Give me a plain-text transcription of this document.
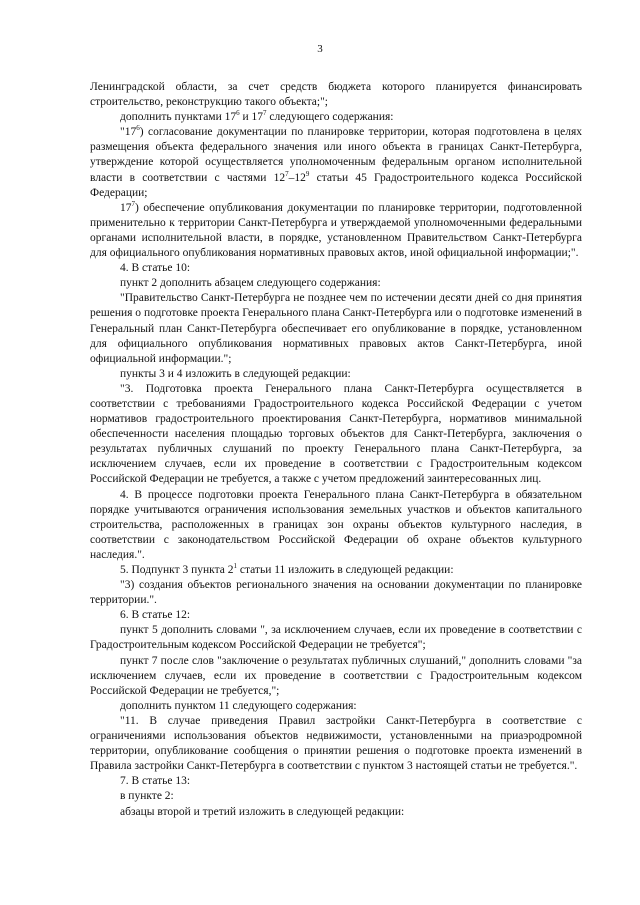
3

Ленинградской области, за счет средств бюджета которого планируется финансировать строительство, реконструкцию такого объекта;";

дополнить пунктами $17^6$ и $17^7$ следующего содержания:

"$17^6$) согласование документации по планировке территории, которая подготовлена в целях размещения объекта федерального значения или иного объекта в границах Санкт-Петербурга, утверждение которой осуществляется уполномоченным федеральным органом исполнительной власти в соответствии с частями $12^7-12^9$ статьи 45 Градостроительного кодекса Российской Федерации;

$17^7$) обеспечение опубликования документации по планировке территории, подготовленной применительно к территории Санкт-Петербурга и утверждаемой уполномоченными федеральными органами исполнительной власти, в порядке, установленном Правительством Санкт-Петербурга для официального опубликования нормативных правовых актов, иной официальной информации;".

4. В статье 10:

пункт 2 дополнить абзацем следующего содержания:

"Правительство Санкт-Петербурга не позднее чем по истечении десяти дней со дня принятия решения о подготовке проекта Генерального плана Санкт-Петербурга или о подготовке изменений в Генеральный план Санкт-Петербурга обеспечивает его опубликование в порядке, установленном для официального опубликования нормативных правовых актов Санкт-Петербурга, иной официальной информации.";

пункты 3 и 4 изложить в следующей редакции:

"3. Подготовка проекта Генерального плана Санкт-Петербурга осуществляется в соответствии с требованиями Градостроительного кодекса Российской Федерации с учетом нормативов градостроительного проектирования Санкт-Петербурга, нормативов минимальной обеспеченности населения площадью торговых объектов для Санкт-Петербурга, заключения о результатах публичных слушаний по проекту Генерального плана Санкт-Петербурга, за исключением случаев, если их проведение в соответствии с Градостроительным кодексом Российской Федерации не требуется, а также с учетом предложений заинтересованных лиц.

4. В процессе подготовки проекта Генерального плана Санкт-Петербурга в обязательном порядке учитываются ограничения использования земельных участков и объектов капитального строительства, расположенных в границах зон охраны объектов культурного наследия, в соответствии с законодательством Российской Федерации об охране объектов культурного наследия.".

5. Подпункт 3 пункта $2^1$ статьи 11 изложить в следующей редакции:

"3) создания объектов регионального значения на основании документации по планировке территории.".

6. В статье 12:

пункт 5 дополнить словами ", за исключением случаев, если их проведение в соответствии с Градостроительным кодексом Российской Федерации не требуется";

пункт 7 после слов "заключение о результатах публичных слушаний," дополнить словами "за исключением случаев, если их проведение в соответствии с Градостроительным кодексом Российской Федерации не требуется,";

дополнить пунктом 11 следующего содержания:

"11. В случае приведения Правил застройки Санкт-Петербурга в соответствие с ограничениями использования объектов недвижимости, установленными на приаэродромной территории, опубликование сообщения о принятии решения о подготовке проекта изменений в Правила застройки Санкт-Петербурга в соответствии с пунктом 3 настоящей статьи не требуется.".

7. В статье 13:

в пункте 2:

абзацы второй и третий изложить в следующей редакции:
